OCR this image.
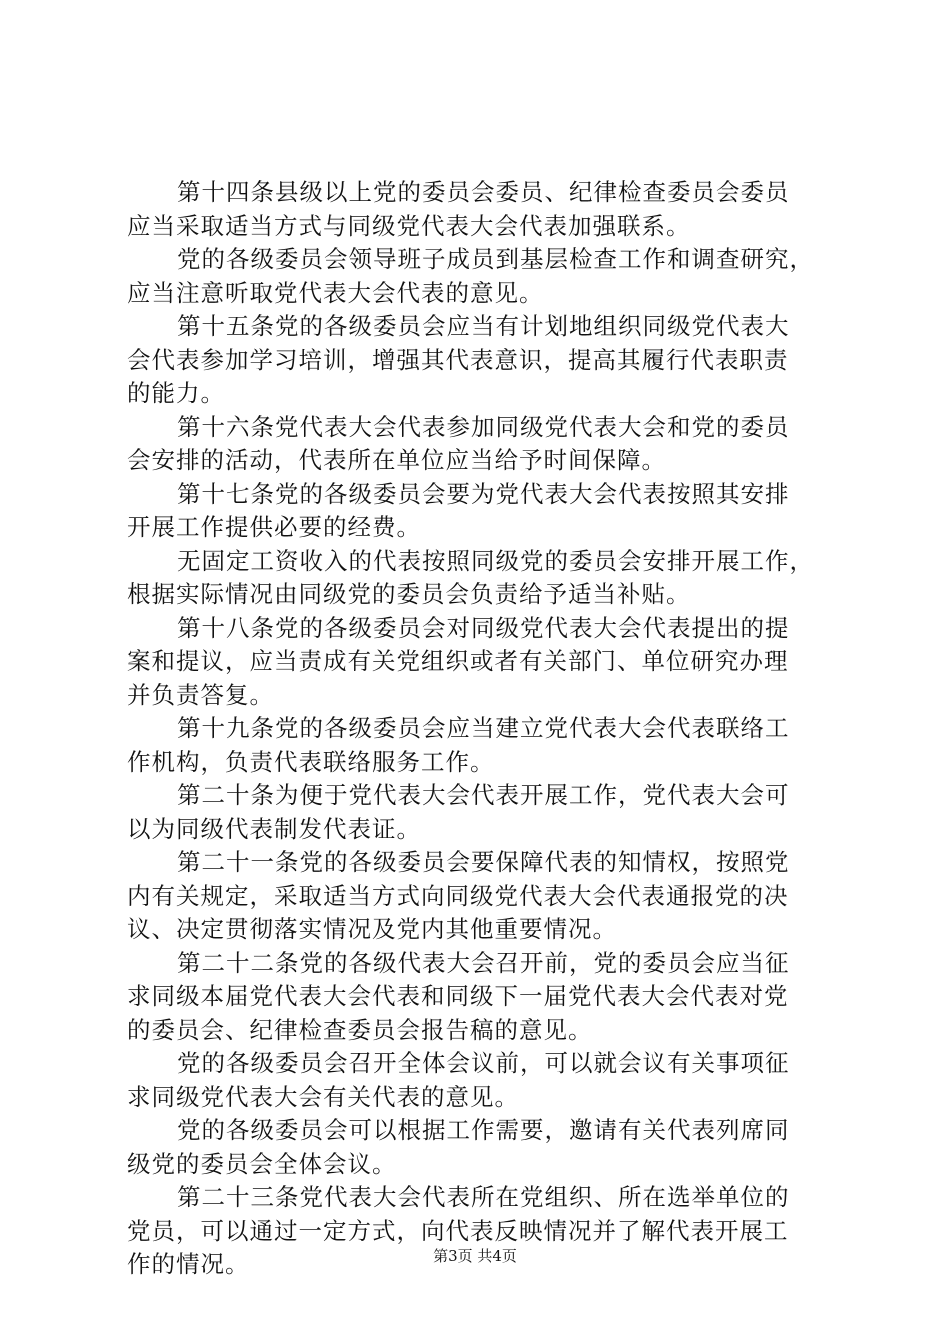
第十四条县级以上党的委员会委员、纪律检查委员会委员
应当采取适当方式与同级党代表大会代表加强联系。

党的各级委员会领导班子成员到基层检查工作和调查研究，
应当注意听取党代表大会代表的意见。

第十五条党的各级委员会应当有计划地组织同级党代表大
会代表参加学习培训，增强其代表意识，提高其履行代表职责
的能力。

第十六条党代表大会代表参加同级党代表大会和党的委员
会安排的活动，代表所在单位应当给予时间保障。

第十七条党的各级委员会要为党代表大会代表按照其安排
开展工作提供必要的经费。

无固定工资收入的代表按照同级党的委员会安排开展工作，
根据实际情况由同级党的委员会负责给予适当补贴。

第十八条党的各级委员会对同级党代表大会代表提出的提
案和提议，应当责成有关党组织或者有关部门、单位研究办理
并负责答复。

第十九条党的各级委员会应当建立党代表大会代表联络工
作机构，负责代表联络服务工作。

第二十条为便于党代表大会代表开展工作，党代表大会可
以为同级代表制发代表证。

第二十一条党的各级委员会要保障代表的知情权，按照党
内有关规定，采取适当方式向同级党代表大会代表通报党的决
议、决定贯彻落实情况及党内其他重要情况。

第二十二条党的各级代表大会召开前，党的委员会应当征
求同级本届党代表大会代表和同级下一届党代表大会代表对党
的委员会、纪律检查委员会报告稿的意见。

党的各级委员会召开全体会议前，可以就会议有关事项征
求同级党代表大会有关代表的意见。

党的各级委员会可以根据工作需要，邀请有关代表列席同
级党的委员会全体会议。

第二十三条党代表大会代表所在党组织、所在选举单位的
党员，可以通过一定方式，向代表反映情况并了解代表开展工
作的情况。	第3页 共4页
